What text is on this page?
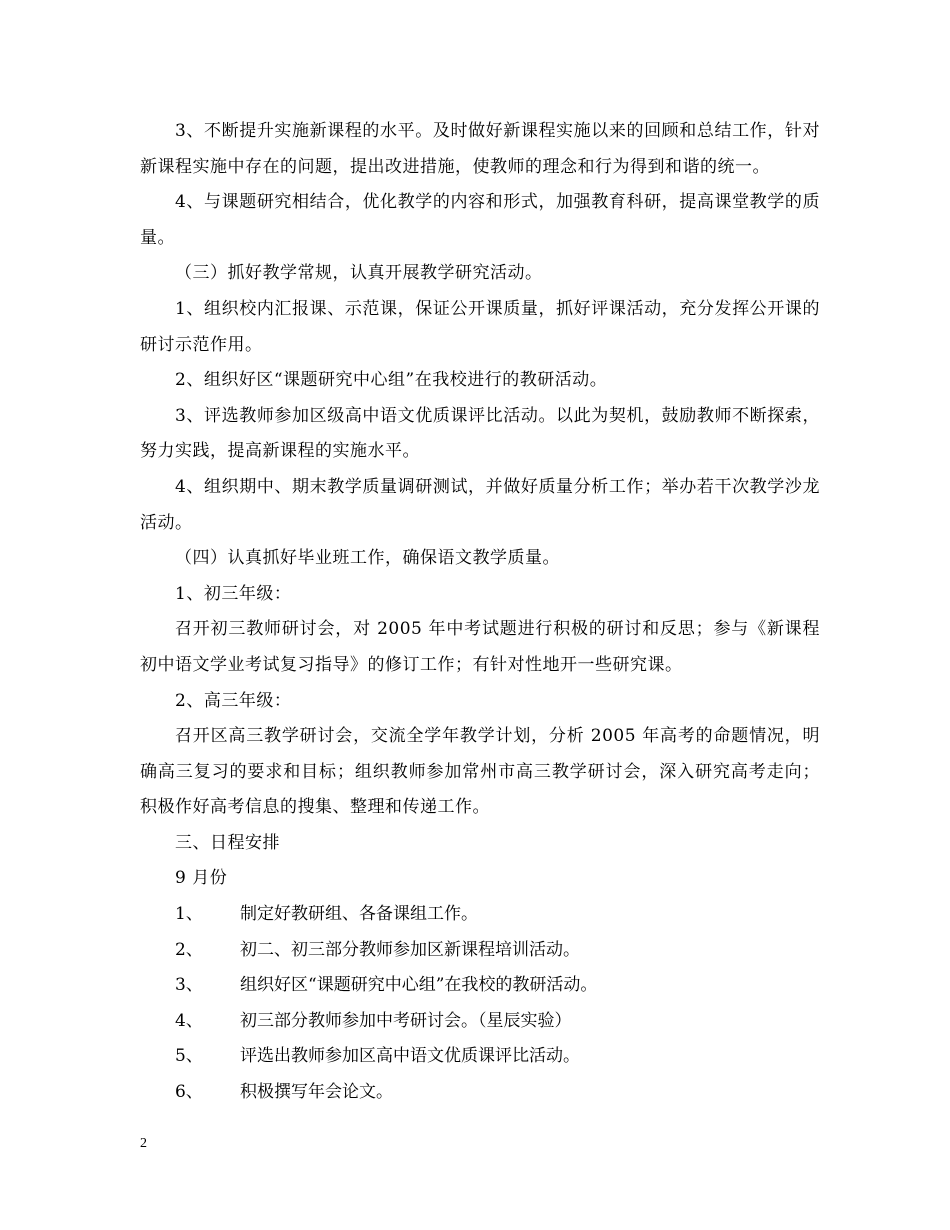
3、不断提升实施新课程的水平。及时做好新课程实施以来的回顾和总结工作，针对新课程实施中存在的问题，提出改进措施，使教师的理念和行为得到和谐的统一。

4、与课题研究相结合，优化教学的内容和形式，加强教育科研，提高课堂教学的质量。

（三）抓好教学常规，认真开展教学研究活动。

1、组织校内汇报课、示范课，保证公开课质量，抓好评课活动，充分发挥公开课的研讨示范作用。

2、组织好区“课题研究中心组”在我校进行的教研活动。

3、评选教师参加区级高中语文优质课评比活动。以此为契机，鼓励教师不断探索，努力实践，提高新课程的实施水平。

4、组织期中、期末教学质量调研测试，并做好质量分析工作；举办若干次教学沙龙活动。

（四）认真抓好毕业班工作，确保语文教学质量。

1、初三年级：

召开初三教师研讨会，对 2005 年中考试题进行积极的研讨和反思；参与《新课程初中语文学业考试复习指导》的修订工作；有针对性地开一些研究课。

2、高三年级：

召开区高三教学研讨会，交流全学年教学计划，分析 2005 年高考的命题情况，明确高三复习的要求和目标；组织教师参加常州市高三教学研讨会，深入研究高考走向；积极作好高考信息的搜集、整理和传递工作。

三、日程安排

9 月份

1、 制定好教研组、各备课组工作。
2、 初二、初三部分教师参加区新课程培训活动。
3、 组织好区“课题研究中心组”在我校的教研活动。
4、 初三部分教师参加中考研讨会。（星辰实验）
5、 评选出教师参加区高中语文优质课评比活动。
6、 积极撰写年会论文。
2
